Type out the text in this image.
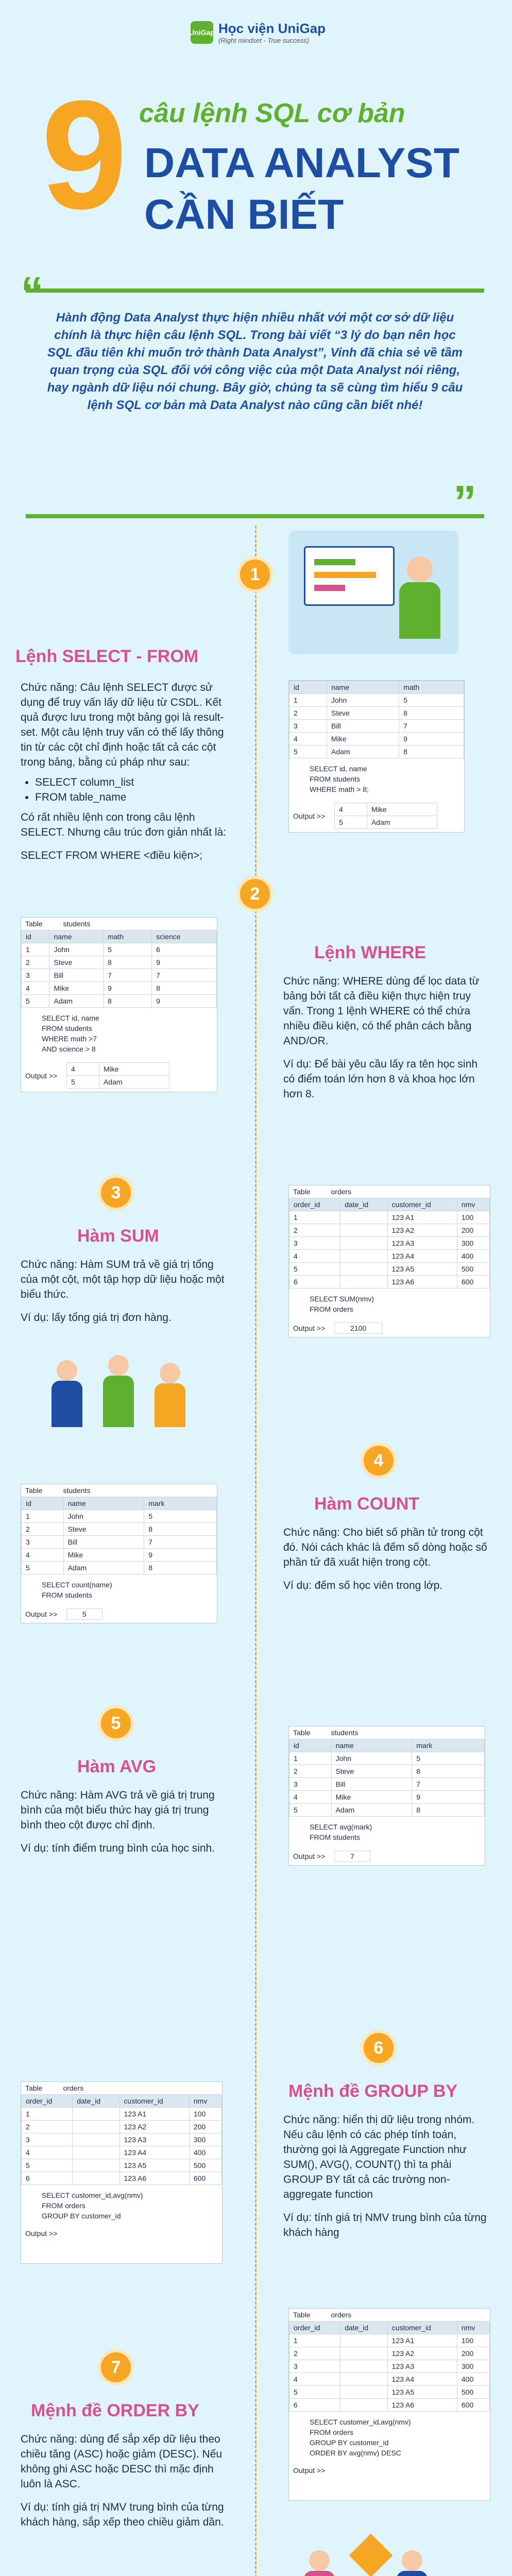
UniGap Học viện UniGap
(Right mindset - True success)
9 câu lệnh SQL cơ bản
DATA ANALYST
CẦN BIẾT
“
”
Hành động Data Analyst thực hiện nhiều nhất với một cơ sở dữ liệu chính là thực hiện câu lệnh SQL. Trong bài viết “3 lý do bạn nên học SQL đầu tiên khi muốn trở thành Data Analyst”, Vinh đã chia sẻ về tầm quan trọng của SQL đối với công việc của một Data Analyst nói riêng, hay ngành dữ liệu nói chung. Bây giờ, chúng ta sẽ cùng tìm hiểu 9 câu lệnh SQL cơ bản mà Data Analyst nào cũng cần biết nhé!
1
Lệnh SELECT - FROM
Chức năng: Câu lệnh SELECT được sử dụng để truy vấn lấy dữ liệu từ CSDL. Kết quả được lưu trong một bảng gọi là result-set. Một câu lệnh truy vấn có thể lấy thông tin từ các cột chỉ định hoặc tất cả các cột trong bảng, bằng cú pháp như sau:
• SELECT column_list
• FROM table_name
Có rất nhiều lệnh con trong câu lệnh SELECT. Nhưng câu trúc đơn giản nhất là:
SELECT FROM WHERE <điều kiện>;
id	name	math
1	John	5
2	Steve	8
3	Bill	7
4	Mike	9
5	Adam	8
SELECT id, name
FROM students
WHERE math > 8;
Output >>
4	Mike
5	Adam
2
Table	students
id	name	math	science
1	John	5	6
2	Steve	8	9
3	Bill	7	7
4	Mike	9	8
5	Adam	8	9
SELECT id, name
FROM students
WHERE math >7
AND science > 8
Output >>
4	Mike
5	Adam
Lệnh WHERE
Chức năng: WHERE dùng để lọc data từ bảng bởi tất cả điều kiện thực hiện truy vấn. Trong 1 lệnh WHERE có thể chứa nhiều điều kiện, có thể phân cách bằng AND/OR.
Ví dụ: Để bài yêu cầu lấy ra tên học sinh có điểm toán lớn hơn 8 và khoa học lớn hơn 8.
3
Hàm SUM
Chức năng: Hàm SUM trả về giá trị tổng của một cột, một tập hợp dữ liệu hoặc một biểu thức.
Ví dụ: lấy tổng giá trị đơn hàng.
Table	orders
order_id	date_id	customer_id	nmv
1		123 A1	100
2		123 A2	200
3		123 A3	300
4		123 A4	400
5		123 A5	500
6		123 A6	600
SELECT SUM(nmv)
FROM orders
Output >>	2100
4
Table	students
id	name	mark
1	John	5
2	Steve	8
3	Bill	7
4	Mike	9
5	Adam	8
SELECT count(name)
FROM students
Output >>	5
Hàm COUNT
Chức năng: Cho biết số phần tử trong cột đó. Nói cách khác là đếm số dòng hoặc số phần tử đã xuất hiện trong cột.
Ví dụ: đếm số học viên trong lớp.
5
Hàm AVG
Chức năng: Hàm AVG trả về giá trị trung bình của một biểu thức hay giá trị trung bình theo cột được chỉ định.
Ví dụ: tính điểm trung bình của học sinh.
Table	students
id	name	mark
1	John	5
2	Steve	8
3	Bill	7
4	Mike	9
5	Adam	8
SELECT avg(mark)
FROM students
Output >>	7
6
Table	orders
order_id	date_id	customer_id	nmv
1		123 A1	100
2		123 A2	200
3		123 A3	300
4		123 A4	400
5		123 A5	500
6		123 A6	600
SELECT customer_id,avg(nmv)
FROM orders
GROUP BY customer_id
Output >>
Mệnh đề GROUP BY
Chức năng: hiển thị dữ liệu trong nhóm. Nếu câu lệnh có các phép tính toán, thường gọi là Aggregate Function như SUM(), AVG(), COUNT() thì ta phải GROUP BY tất cả các trường non-aggregate function
Ví dụ: tính giá trị NMV trung bình của từng khách hàng
7
Mệnh đề ORDER BY
Chức năng: dùng để sắp xếp dữ liệu theo chiều tăng (ASC) hoặc giảm (DESC). Nếu không ghi ASC hoặc DESC thì mặc định luôn là ASC.
Ví dụ: tính giá trị NMV trung bình của từng khách hàng, sắp xếp theo chiều giảm dần.
Table	orders
order_id	date_id	customer_id	nmv
1		123 A1	100
2		123 A2	200
3		123 A3	300
4		123 A4	400
5		123 A5	500
6		123 A6	600
SELECT customer_id,avg(nmv)
FROM orders
GROUP BY customer_id
ORDER BY avg(nmv) DESC
Output >>
